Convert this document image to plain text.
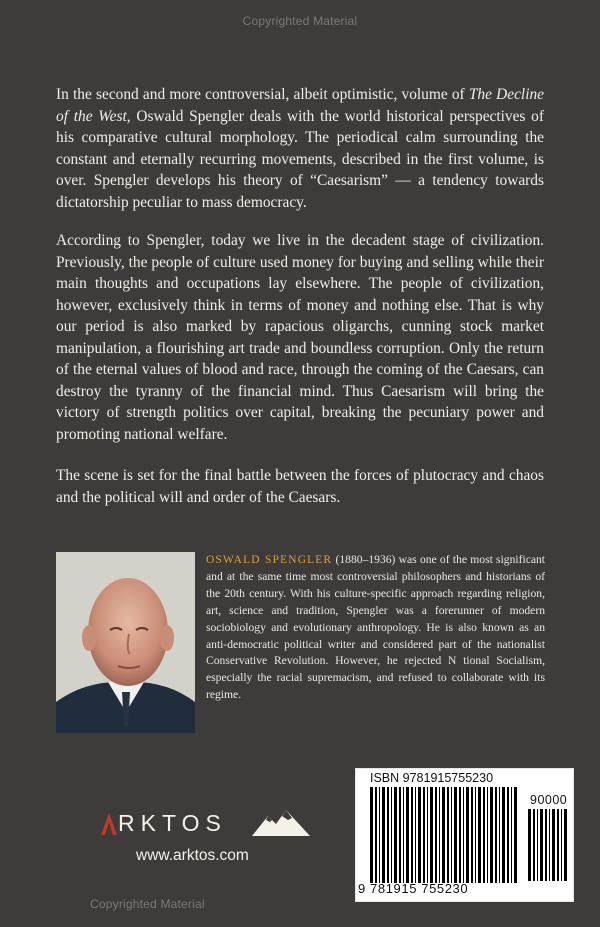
Copyrighted Material

In the second and more controversial, albeit optimistic, volume of The Decline of the West, Oswald Spengler deals with the world historical perspectives of his comparative cultural morphology. The periodical calm surrounding the constant and eternally recurring movements, described in the first volume, is over. Spengler develops his theory of “Caesarism” — a tendency towards dictatorship peculiar to mass democracy.

According to Spengler, today we live in the decadent stage of civilization. Previously, the people of culture used money for buying and selling while their main thoughts and occupations lay elsewhere. The people of civilization, however, exclusively think in terms of money and nothing else. That is why our period is also marked by rapacious oligarchs, cunning stock market manipulation, a flourishing art trade and boundless corruption. Only the return of the eternal values of blood and race, through the coming of the Caesars, can destroy the tyranny of the financial mind. Thus Caesarism will bring the victory of strength politics over capital, breaking the pecuniary power and promoting national welfare.

The scene is set for the final battle between the forces of plutocracy and chaos and the political will and order of the Caesars.

OSWALD SPENGLER (1880–1936) was one of the most significant and at the same time most controversial philosophers and historians of the 20th century. With his culture-specific approach regarding religion, art, science and tradition, Spengler was a forerunner of modern sociobiology and evolutionary anthropology. He is also known as an anti-democratic political writer and considered part of the nationalist Conservative Revolution. However, he rejected N tional Socialism, especially the racial supremacism, and refused to collaborate with its regime.

RKTOS
www.arktos.com
ISBN 9781915755230
90000
9 781915 755230
Copyrighted Material
